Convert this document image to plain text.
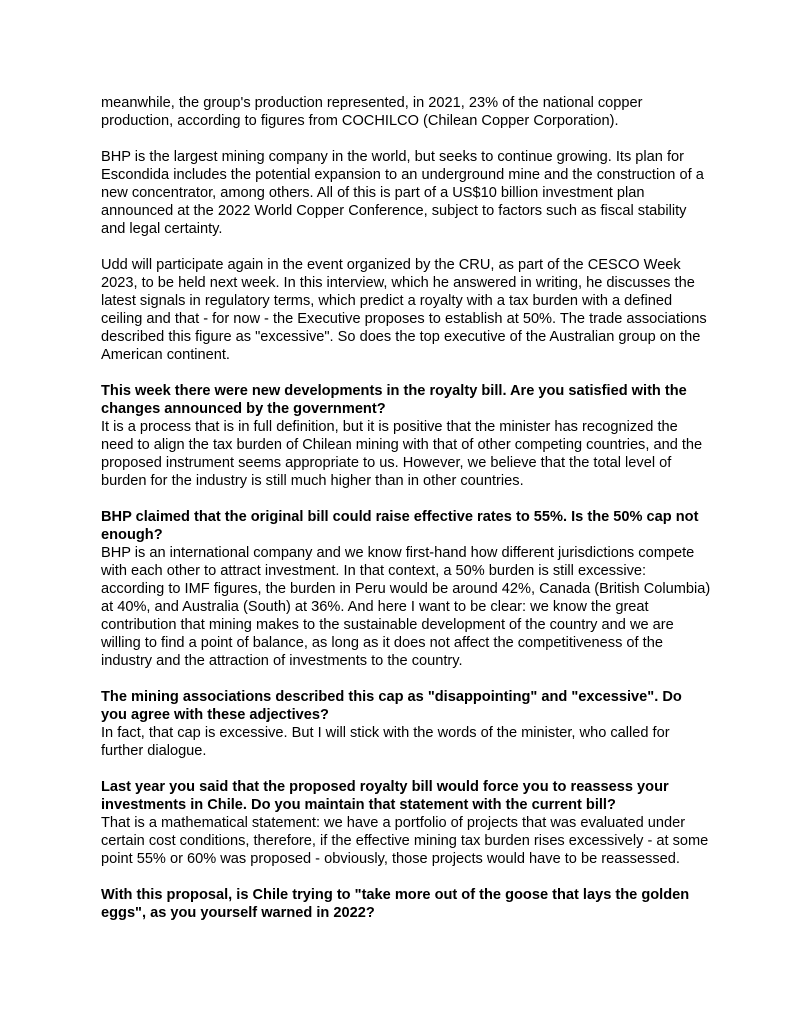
meanwhile, the group's production represented, in 2021, 23% of the national copper production, according to figures from COCHILCO (Chilean Copper Corporation).

BHP is the largest mining company in the world, but seeks to continue growing. Its plan for Escondida includes the potential expansion to an underground mine and the construction of a new concentrator, among others. All of this is part of a US$10 billion investment plan announced at the 2022 World Copper Conference, subject to factors such as fiscal stability and legal certainty.

Udd will participate again in the event organized by the CRU, as part of the CESCO Week 2023, to be held next week. In this interview, which he answered in writing, he discusses the latest signals in regulatory terms, which predict a royalty with a tax burden with a defined ceiling and that - for now - the Executive proposes to establish at 50%. The trade associations described this figure as "excessive". So does the top executive of the Australian group on the American continent.

This week there were new developments in the royalty bill. Are you satisfied with the changes announced by the government?
It is a process that is in full definition, but it is positive that the minister has recognized the need to align the tax burden of Chilean mining with that of other competing countries, and the proposed instrument seems appropriate to us. However, we believe that the total level of burden for the industry is still much higher than in other countries.
BHP claimed that the original bill could raise effective rates to 55%. Is the 50% cap not enough?
BHP is an international company and we know first-hand how different jurisdictions compete with each other to attract investment. In that context, a 50% burden is still excessive: according to IMF figures, the burden in Peru would be around 42%, Canada (British Columbia) at 40%, and Australia (South) at 36%. And here I want to be clear: we know the great contribution that mining makes to the sustainable development of the country and we are willing to find a point of balance, as long as it does not affect the competitiveness of the industry and the attraction of investments to the country.
The mining associations described this cap as "disappointing" and "excessive". Do you agree with these adjectives?
In fact, that cap is excessive. But I will stick with the words of the minister, who called for further dialogue.
Last year you said that the proposed royalty bill would force you to reassess your investments in Chile. Do you maintain that statement with the current bill?
That is a mathematical statement: we have a portfolio of projects that was evaluated under certain cost conditions, therefore, if the effective mining tax burden rises excessively - at some point 55% or 60% was proposed - obviously, those projects would have to be reassessed.
With this proposal, is Chile trying to "take more out of the goose that lays the golden eggs", as you yourself warned in 2022?
